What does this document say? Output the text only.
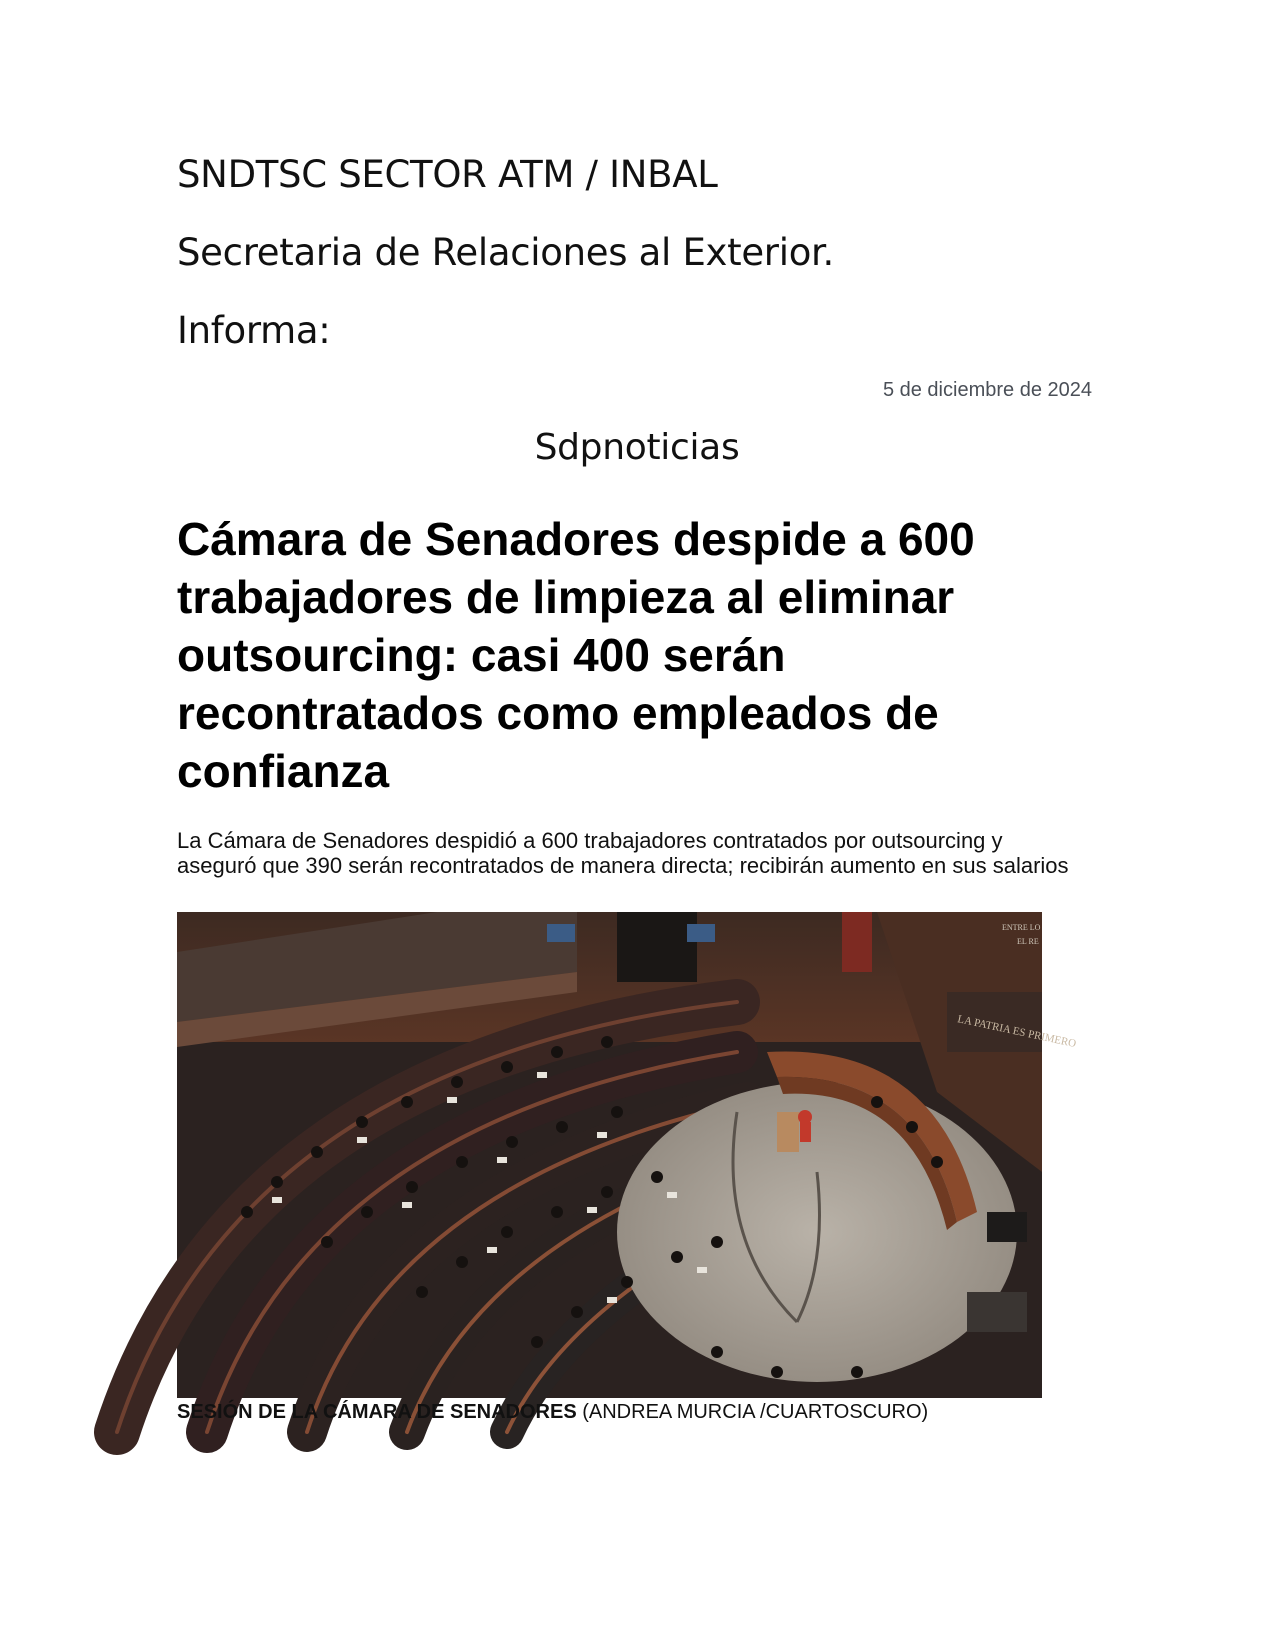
SNDTSC SECTOR ATM / INBAL
Secretaria de Relaciones al Exterior.
Informa:
5 de diciembre de 2024
Sdpnoticias
Cámara de Senadores despide a 600 trabajadores de limpieza al eliminar outsourcing: casi 400 serán recontratados como empleados de confianza

La Cámara de Senadores despidió a 600 trabajadores contratados por outsourcing y aseguró que 390 serán recontratados de manera directa; recibirán aumento en sus salarios

LA PATRIA ES PRIMERO
ENTRE LO
EL RE
SESIÓN DE LA CÁMARA DE SENADORES (ANDREA MURCIA /CUARTOSCURO)
